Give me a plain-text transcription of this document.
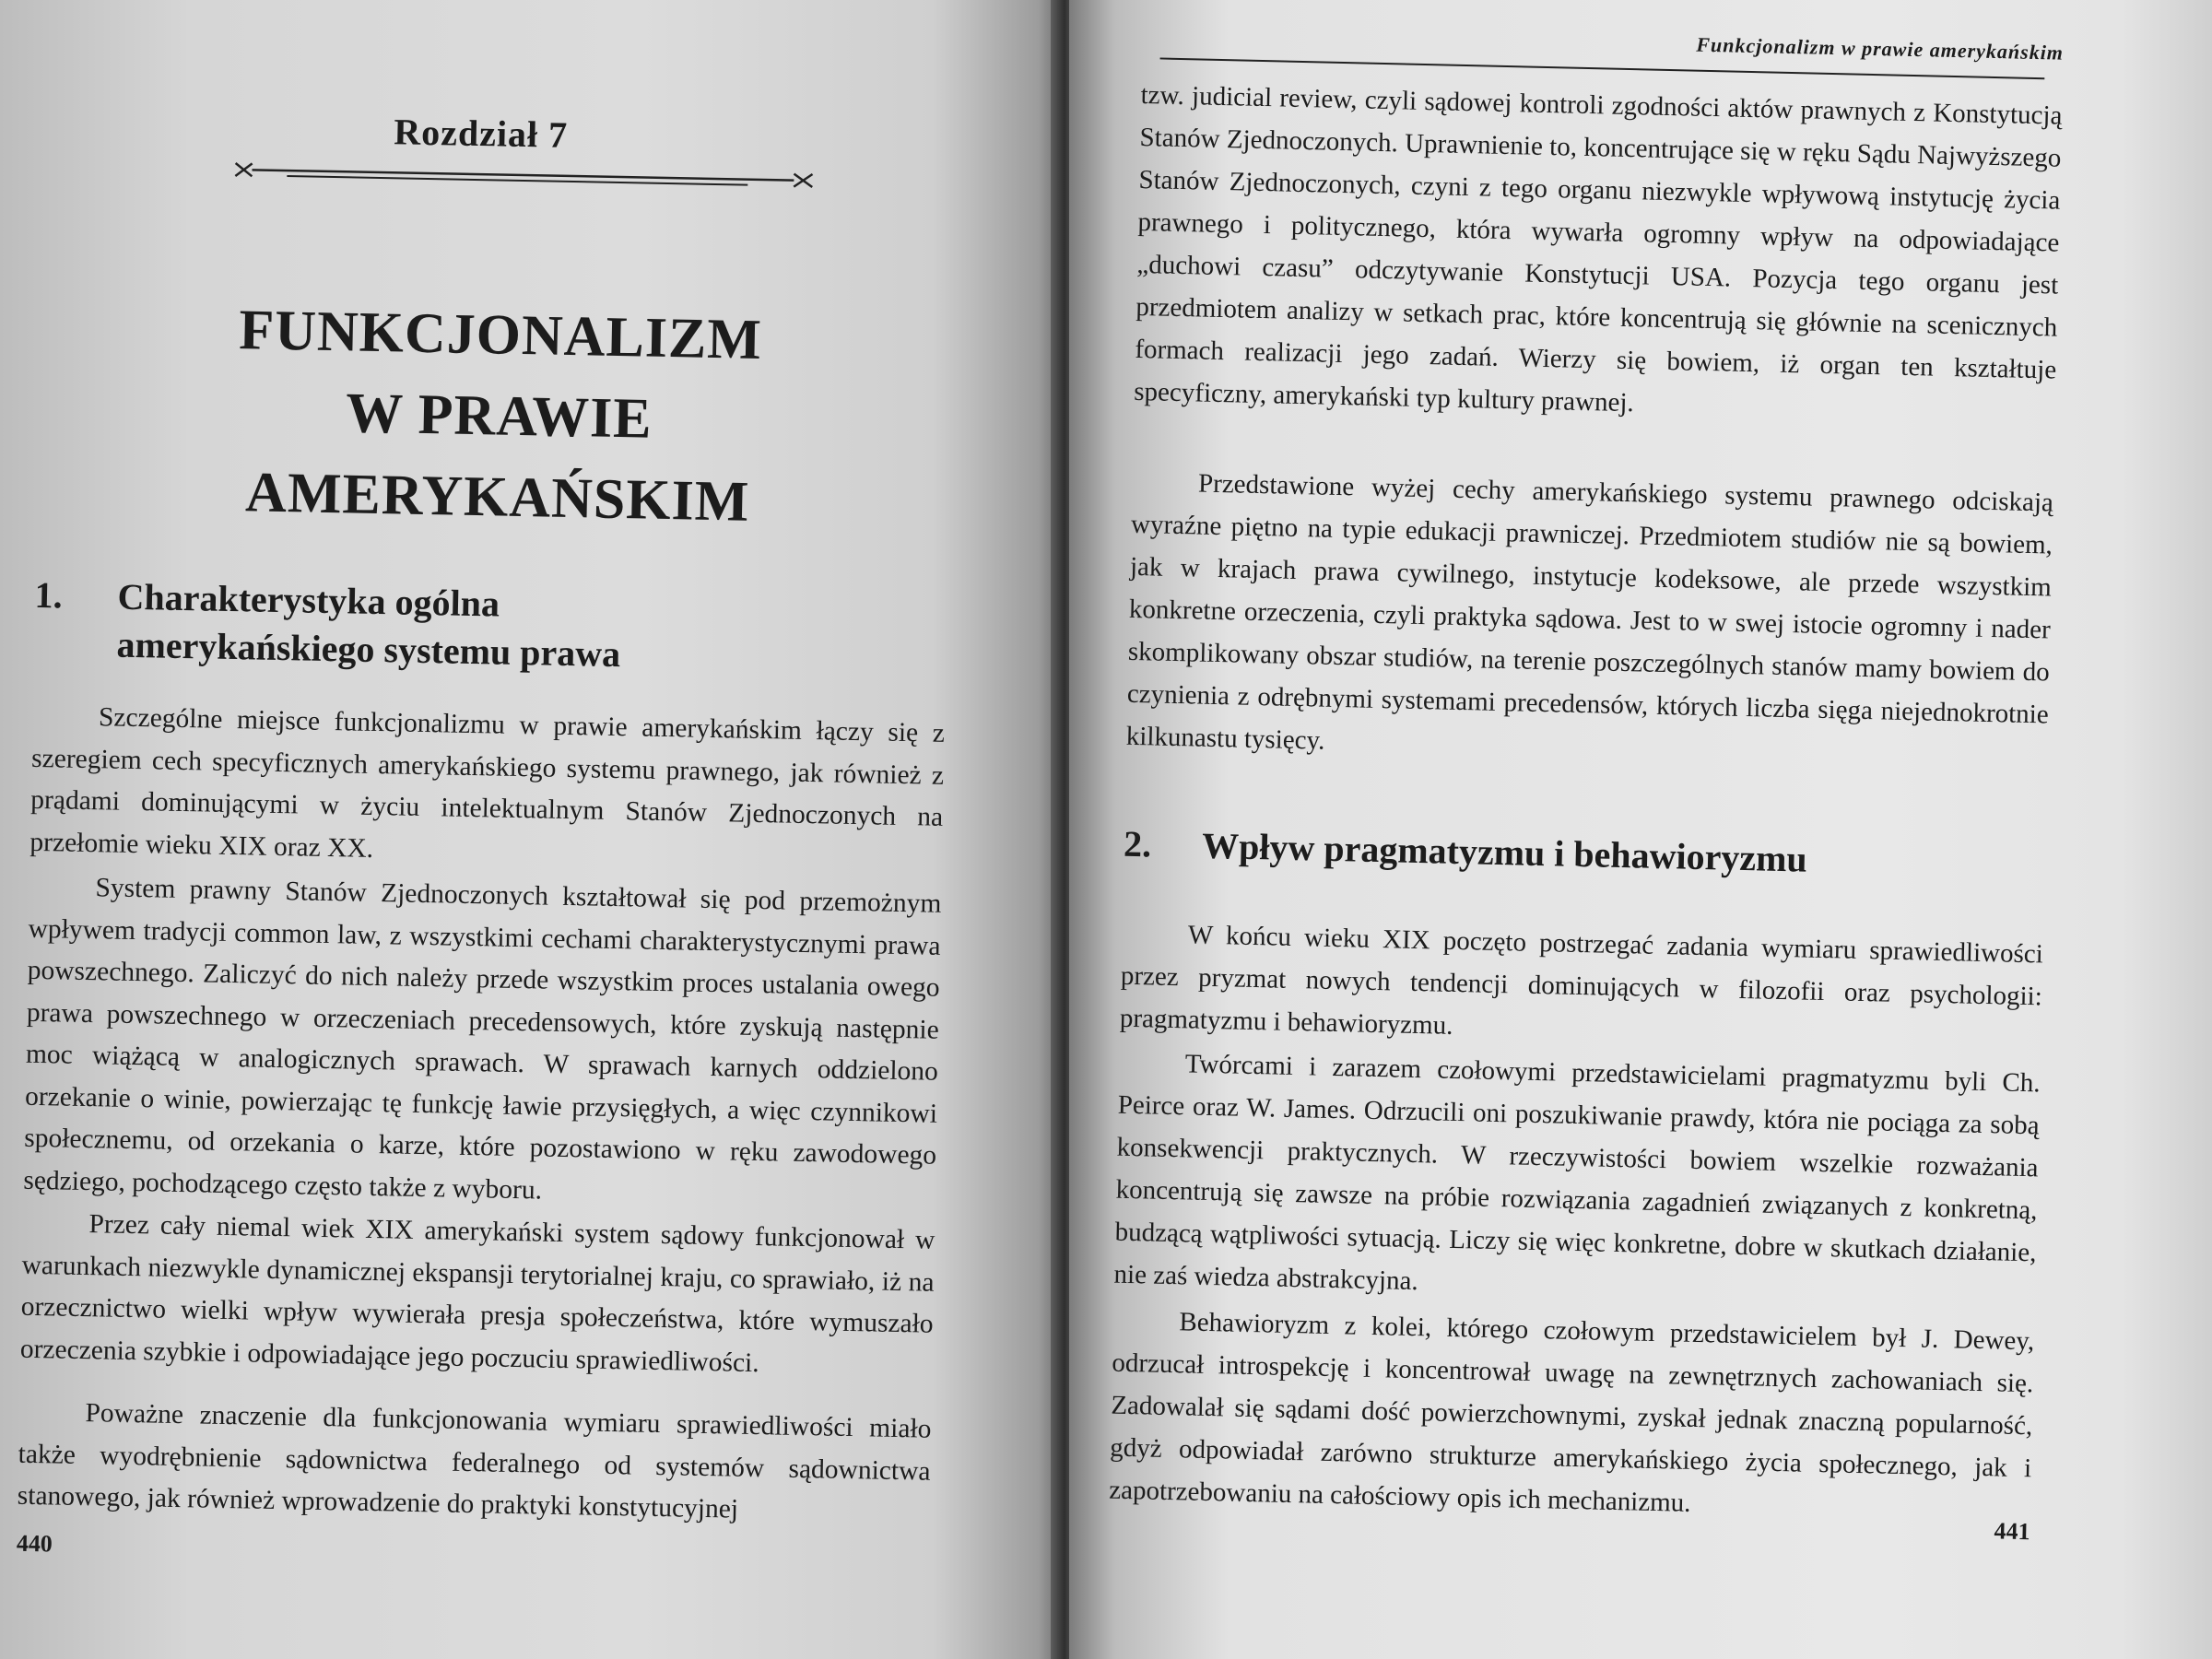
Rozdział 7
FUNKCJONALIZM
W PRAWIE AMERYKAŃSKIM
1. Charakterystyka ogólna
amerykańskiego systemu prawa

Szczególne miejsce funkcjonalizmu w prawie amerykańskim łączy się z szeregiem cech specyficznych amerykańskiego systemu prawnego, jak również z prądami dominującymi w życiu intelektualnym Stanów Zjednoczonych na przełomie wieku XIX oraz XX.

System prawny Stanów Zjednoczonych kształtował się pod przemożnym wpływem tradycji common law, z wszystkimi cechami charakterystycznymi prawa powszechnego. Zaliczyć do nich należy przede wszystkim proces ustalania owego prawa powszechnego w orzeczeniach precedensowych, które zyskują następnie moc wiążącą w analogicznych sprawach. W sprawach karnych oddzielono orzekanie o winie, powierzając tę funkcję ławie przysięgłych, a więc czynnikowi społecznemu, od orzekania o karze, które pozostawiono w ręku zawodowego sędziego, pochodzącego często także z wyboru.

Przez cały niemal wiek XIX amerykański system sądowy funkcjonował w warunkach niezwykle dynamicznej ekspansji terytorialnej kraju, co sprawiało, iż na orzecznictwo wielki wpływ wywierała presja społeczeństwa, które wymuszało orzeczenia szybkie i odpowiadające jego poczuciu sprawiedliwości.

Poważne znaczenie dla funkcjonowania wymiaru sprawiedliwości miało także wyodrębnienie sądownictwa federalnego od systemów sądownictwa stanowego, jak również wprowadzenie do praktyki konstytucyjnej

440
Funkcjonalizm w prawie amerykańskim

tzw. judicial review, czyli sądowej kontroli zgodności aktów prawnych z Konstytucją Stanów Zjednoczonych. Uprawnienie to, koncentrujące się w ręku Sądu Najwyższego Stanów Zjednoczonych, czyni z tego organu niezwykle wpływową instytucję życia prawnego i politycznego, która wywarła ogromny wpływ na odpowiadające „duchowi czasu” odczytywanie Konstytucji USA. Pozycja tego organu jest przedmiotem analizy w setkach prac, które koncentrują się głównie na scenicznych formach realizacji jego zadań. Wierzy się bowiem, iż organ ten kształtuje specyficzny, amerykański typ kultury prawnej.

Przedstawione wyżej cechy amerykańskiego systemu prawnego odciskają wyraźne piętno na typie edukacji prawniczej. Przedmiotem studiów nie są bowiem, jak w krajach prawa cywilnego, instytucje kodeksowe, ale przede wszystkim konkretne orzeczenia, czyli praktyka sądowa. Jest to w swej istocie ogromny i nader skomplikowany obszar studiów, na terenie poszczególnych stanów mamy bowiem do czynienia z odrębnymi systemami precedensów, których liczba sięga niejednokrotnie kilkunastu tysięcy.

2. Wpływ pragmatyzmu i behawioryzmu

W końcu wieku XIX poczęto postrzegać zadania wymiaru sprawiedliwości przez pryzmat nowych tendencji dominujących w filozofii oraz psychologii: pragmatyzmu i behawioryzmu.

Twórcami i zarazem czołowymi przedstawicielami pragmatyzmu byli Ch. Peirce oraz W. James. Odrzucili oni poszukiwanie prawdy, która nie pociąga za sobą konsekwencji praktycznych. W rzeczywistości bowiem wszelkie rozważania koncentrują się zawsze na próbie rozwiązania zagadnień związanych z konkretną, budzącą wątpliwości sytuacją. Liczy się więc konkretne, dobre w skutkach działanie, nie zaś wiedza abstrakcyjna.

Behawioryzm z kolei, którego czołowym przedstawicielem był J. Dewey, odrzucał introspekcję i koncentrował uwagę na zewnętrznych zachowaniach się. Zadowalał się sądami dość powierzchownymi, zyskał jednak znaczną popularność, gdyż odpowiadał zarówno strukturze amerykańskiego życia społecznego, jak i zapotrzebowaniu na całościowy opis ich mechanizmu.

441
